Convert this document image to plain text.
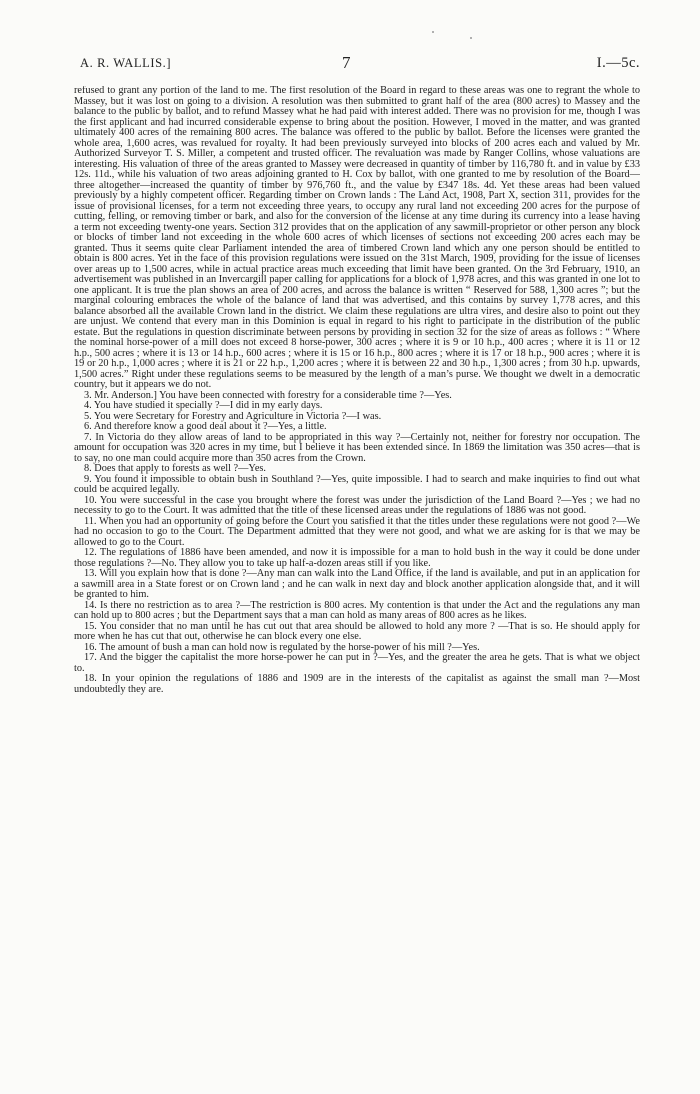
A. R. WALLIS.]	7	I.—5c.

refused to grant any portion of the land to me. The first resolution of the Board in regard to these areas was one to regrant the whole to Massey, but it was lost on going to a division. A resolution was then submitted to grant half of the area (800 acres) to Massey and the balance to the public by ballot, and to refund Massey what he had paid with interest added. There was no provision for me, though I was the first applicant and had incurred considerable expense to bring about the position. However, I moved in the matter, and was granted ultimately 400 acres of the remaining 800 acres. The balance was offered to the public by ballot. Before the licenses were granted the whole area, 1,600 acres, was revalued for royalty. It had been previously surveyed into blocks of 200 acres each and valued by Mr. Authorized Surveyor T. S. Miller, a competent and trusted officer. The revaluation was made by Ranger Collins, whose valuations are interesting. His valuation of three of the areas granted to Massey were decreased in quantity of timber by 116,780 ft. and in value by £33 12s. 11d., while his valuation of two areas adjoining granted to H. Cox by ballot, with one granted to me by resolution of the Board—three altogether—increased the quantity of timber by 976,760 ft., and the value by £347 18s. 4d. Yet these areas had been valued previously by a highly competent officer. Regarding timber on Crown lands : The Land Act, 1908, Part X, section 311, provides for the issue of provisional licenses, for a term not exceeding three years, to occupy any rural land not exceeding 200 acres for the purpose of cutting, felling, or removing timber or bark, and also for the conversion of the license at any time during its currency into a lease having a term not exceeding twenty-one years. Section 312 provides that on the application of any sawmill-proprietor or other person any block or blocks of timber land not exceeding in the whole 600 acres of which licenses of sections not exceeding 200 acres each may be granted. Thus it seems quite clear Parliament intended the area of timbered Crown land which any one person should be entitled to obtain is 800 acres. Yet in the face of this provision regulations were issued on the 31st March, 1909, providing for the issue of licenses over areas up to 1,500 acres, while in actual practice areas much exceeding that limit have been granted. On the 3rd February, 1910, an advertisement was published in an Invercargill paper calling for applications for a block of 1,978 acres, and this was granted in one lot to one applicant. It is true the plan shows an area of 200 acres, and across the balance is written “ Reserved for 588, 1,300 acres ”; but the marginal colouring embraces the whole of the balance of land that was advertised, and this contains by survey 1,778 acres, and this balance absorbed all the available Crown land in the district. We claim these regulations are ultra vires, and desire also to point out they are unjust. We contend that every man in this Dominion is equal in regard to his right to participate in the distribution of the public estate. But the regulations in question discriminate between persons by providing in section 32 for the size of areas as follows : “ Where the nominal horse-power of a mill does not exceed 8 horse-power, 300 acres ; where it is 9 or 10 h.p., 400 acres ; where it is 11 or 12 h.p., 500 acres ; where it is 13 or 14 h.p., 600 acres ; where it is 15 or 16 h.p., 800 acres ; where it is 17 or 18 h.p., 900 acres ; where it is 19 or 20 h.p., 1,000 acres ; where it is 21 or 22 h.p., 1,200 acres ; where it is between 22 and 30 h.p., 1,300 acres ; from 30 h.p. upwards, 1,500 acres.” Right under these regulations seems to be measured by the length of a man’s purse. We thought we dwelt in a democratic country, but it appears we do not.

3. Mr. Anderson.] You have been connected with forestry for a considerable time ?—Yes.

4. You have studied it specially ?—I did in my early days.

5. You were Secretary for Forestry and Agriculture in Victoria ?—I was.

6. And therefore know a good deal about it ?—Yes, a little.

7. In Victoria do they allow areas of land to be appropriated in this way ?—Certainly not, neither for forestry nor occupation. The amount for occupation was 320 acres in my time, but I believe it has been extended since. In 1869 the limitation was 350 acres—that is to say, no one man could acquire more than 350 acres from the Crown.

8. Does that apply to forests as well ?—Yes.

9. You found it impossible to obtain bush in Southland ?—Yes, quite impossible. I had to search and make inquiries to find out what could be acquired legally.

10. You were successful in the case you brought where the forest was under the jurisdiction of the Land Board ?—Yes ; we had no necessity to go to the Court. It was admitted that the title of these licensed areas under the regulations of 1886 was not good.

11. When you had an opportunity of going before the Court you satisfied it that the titles under these regulations were not good ?—We had no occasion to go to the Court. The Department admitted that they were not good, and what we are asking for is that we may be allowed to go to the Court.

12. The regulations of 1886 have been amended, and now it is impossible for a man to hold bush in the way it could be done under those regulations ?—No. They allow you to take up half-a-dozen areas still if you like.

13. Will you explain how that is done ?—Any man can walk into the Land Office, if the land is available, and put in an application for a sawmill area in a State forest or on Crown land ; and he can walk in next day and block another application alongside that, and it will be granted to him.

14. Is there no restriction as to area ?—The restriction is 800 acres. My contention is that under the Act and the regulations any man can hold up to 800 acres ; but the Department says that a man can hold as many areas of 800 acres as he likes.

15. You consider that no man until he has cut out that area should be allowed to hold any more ? —That is so. He should apply for more when he has cut that out, otherwise he can block every one else.

16. The amount of bush a man can hold now is regulated by the horse-power of his mill ?—Yes.

17. And the bigger the capitalist the more horse-power he can put in ?—Yes, and the greater the area he gets. That is what we object to.

18. In your opinion the regulations of 1886 and 1909 are in the interests of the capitalist as against the small man ?—Most undoubtedly they are.
